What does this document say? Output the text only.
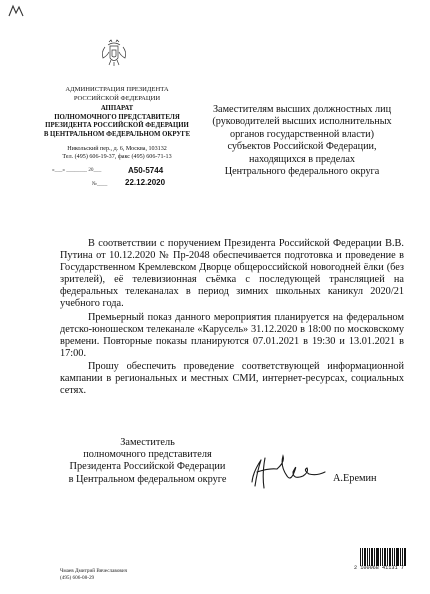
АДМИНИСТРАЦИЯ ПРЕЗИДЕНТА
РОССИЙСКОЙ ФЕДЕРАЦИИ
АППАРАТ
ПОЛНОМОЧНОГО ПРЕДСТАВИТЕЛЯ
ПРЕЗИДЕНТА РОССИЙСКОЙ ФЕДЕРАЦИИ
В ЦЕНТРАЛЬНОМ ФЕДЕРАЛЬНОМ ОКРУГЕ
Никольский пер., д. 6, Москва, 103132
Тел. (495) 606-19-37, факс (495) 606-71-13
«___» ________ 20___	А50-5744
№____ 22.12.2020
Заместителям высших должностных лиц
(руководителей высших исполнительных
органов государственной власти)
субъектов Российской Федерации,
находящихся в пределах
Центрального федерального округа

В соответствии с поручением Президента Российской Федерации В.В. Путина от 10.12.2020 № Пр-2048 обеспечивается подготовка и проведение в Государственном Кремлевском Дворце общероссийской новогодней ёлки (без зрителей), её телевизионная съёмка с последующей трансляцией на федеральных телеканалах в период зимних школьных каникул 2020/21 учебного года.

Премьерный показ данного мероприятия планируется на федеральном детско-юношеском телеканале «Карусель» 31.12.2020 в 18:00 по московскому времени. Повторные показы планируются 07.01.2021 в 19:30 и 13.01.2021 в 17:00.

Прошу обеспечить проведение соответствующей информационной кампании в региональных и местных СМИ, интернет-ресурсах, социальных сетях.

Заместитель
полномочного представителя
Президента Российской Федерации
в Центральном федеральном округе	А.Еремин
Чмаев Дмитрий Вячеславович
(495) 606-08-29
2 100068 41131 7
